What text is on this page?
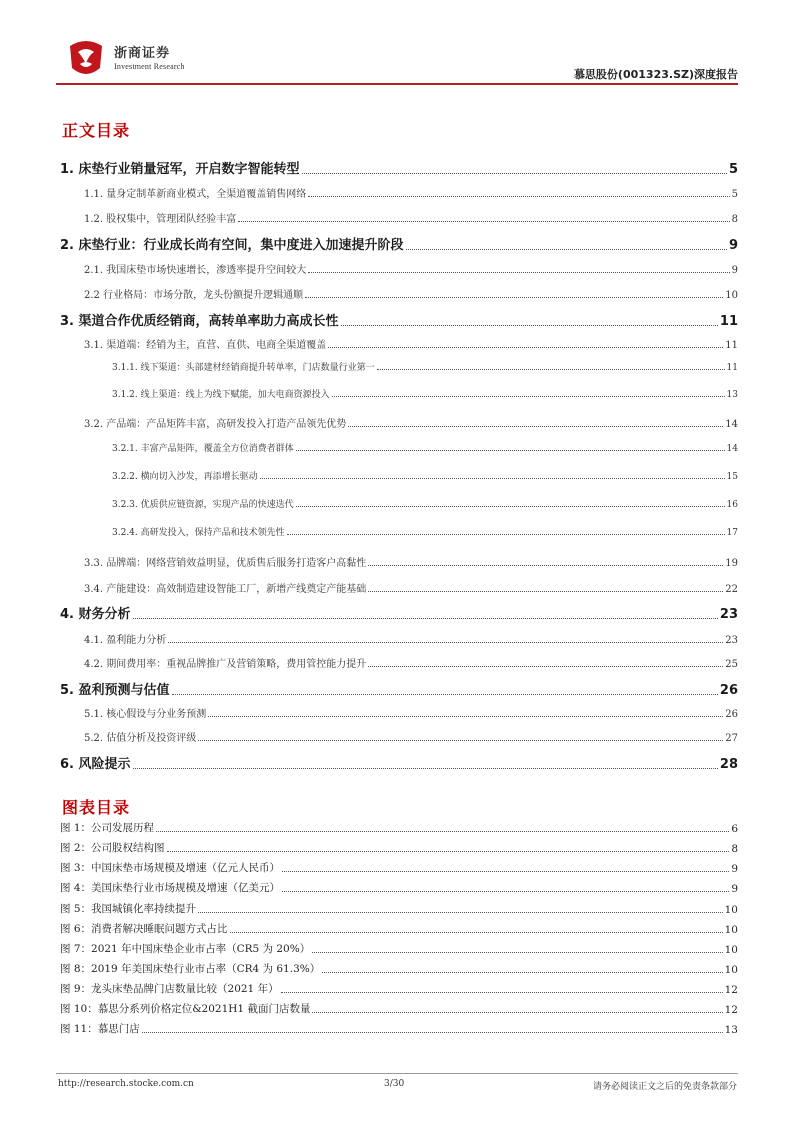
浙商证券
Investment Research
慕思股份(001323.SZ)深度报告
正文目录
1. 床垫行业销量冠军，开启数字智能转型	5
1.1. 量身定制革新商业模式，全渠道覆盖销售网络	5
1.2. 股权集中，管理团队经验丰富	8
2. 床垫行业：行业成长尚有空间，集中度进入加速提升阶段	9
2.1. 我国床垫市场快速增长，渗透率提升空间较大	9
2.2 行业格局：市场分散，龙头份额提升逻辑通顺	10
3. 渠道合作优质经销商，高转单率助力高成长性	11
3.1. 渠道端：经销为主，直营、直供、电商全渠道覆盖	11
3.1.1. 线下渠道：头部建材经销商提升转单率，门店数量行业第一	11
3.1.2. 线上渠道：线上为线下赋能，加大电商资源投入	13
3.2. 产品端：产品矩阵丰富，高研发投入打造产品领先优势	14
3.2.1. 丰富产品矩阵，覆盖全方位消费者群体	14
3.2.2. 横向切入沙发，再添增长驱动	15
3.2.3. 优质供应链资源，实现产品的快速迭代	16
3.2.4. 高研发投入，保持产品和技术领先性	17
3.3. 品牌端：网络营销效益明显，优质售后服务打造客户高黏性	19
3.4. 产能建设：高效制造建设智能工厂，新增产线奠定产能基础	22
4. 财务分析	23
4.1. 盈利能力分析	23
4.2. 期间费用率：重视品牌推广及营销策略，费用管控能力提升	25
5. 盈利预测与估值	26
5.1. 核心假设与分业务预测	26
5.2. 估值分析及投资评级	27
6. 风险提示	28
图表目录
图 1：公司发展历程	6
图 2：公司股权结构图	8
图 3：中国床垫市场规模及增速（亿元人民币）	9
图 4：美国床垫行业市场规模及增速（亿美元）	9
图 5：我国城镇化率持续提升	10
图 6：消费者解决睡眠问题方式占比	10
图 7：2021 年中国床垫企业市占率（CR5 为 20%）	10
图 8：2019 年美国床垫行业市占率（CR4 为 61.3%）	10
图 9：龙头床垫品牌门店数量比较（2021 年）	12
图 10：慕思分系列价格定位&2021H1 截面门店数量	12
图 11：慕思门店	13
http://research.stocke.com.cn	3/30	请务必阅读正文之后的免责条款部分
